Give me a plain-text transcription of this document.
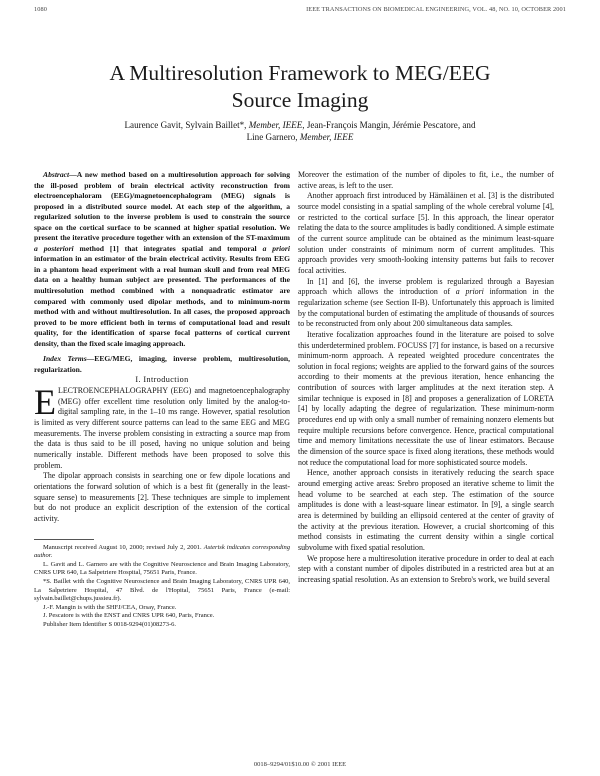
1080	IEEE TRANSACTIONS ON BIOMEDICAL ENGINEERING, VOL. 48, NO. 10, OCTOBER 2001
A Multiresolution Framework to MEG/EEG
Source Imaging
Laurence Gavit, Sylvain Baillet*, Member, IEEE, Jean-François Mangin, Jérémie Pescatore, and
Line Garnero, Member, IEEE

Abstract—A new method based on a multiresolution approach for solving the ill-posed problem of brain electrical activity reconstruction from electroencephaloram (EEG)/magnetoencephalogram (MEG) signals is proposed in a distributed source model. At each step of the algorithm, a regularized solution to the inverse problem is used to constrain the source space on the cortical surface to be scanned at higher spatial resolution. We present the iterative procedure together with an extension of the ST-maximum a posteriori method [1] that integrates spatial and temporal a priori information in an estimator of the brain electrical activity. Results from EEG in a phantom head experiment with a real human skull and from real MEG data on a healthy human subject are presented. The performances of the multiresolution method combined with a nonquadratic estimator are compared with commonly used dipolar methods, and to minimum-norm method with and without multiresolution. In all cases, the proposed approach proved to be more efficient both in terms of computational load and result quality, for the identification of sparse focal patterns of cortical current density, than the fixed scale imaging approach.

Index Terms—EEG/MEG, imaging, inverse problem, multiresolution, regularization.

I. Introduction

ELECTROENCEPHALOGRAPHY (EEG) and magnetoencephalography (MEG) offer excellent time resolution only limited by the analog-to-digital sampling rate, in the 1–10 ms range. However, spatial resolution is limited as very different source patterns can lead to the same EEG and MEG measurements. The inverse problem consisting in extracting a source map from the data is thus said to be ill posed, having no unique solution and being numerically instable. Different methods have been proposed to solve this problem.

The dipolar approach consists in searching one or few dipole locations and orientations the forward solution of which is a best fit (generally in the least-square sense) to measurements [2]. These techniques are simple to implement but do not produce an explicit description of the extension of the cortical activity.

Manuscript received August 10, 2000; revised July 2, 2001. Asterisk indicates corresponding author.

L. Gavit and L. Garnero are with the Cognitive Neuroscience and Brain Imaging Laboratory, CNRS UPR 640, La Salpetriere Hospital, 75651 Paris, France.

*S. Baillet with the Cognitive Neuroscience and Brain Imaging Laboratory, CNRS UPR 640, La Salpetriere Hospital, 47 Blvd. de l'Hopital, 75651 Paris, France (e-mail: sylvain.baillet@chups.jussieu.fr).

J.-F. Mangin is with the SHFJ/CEA, Orsay, France.

J. Pescatore is with the ENST and CNRS UPR 640, Paris, France.

Publisher Item Identifier S 0018-9294(01)08273-6.

Moreover the estimation of the number of dipoles to fit, i.e., the number of active areas, is left to the user.

Another approach first introduced by Hämäläinen et al. [3] is the distributed source model consisting in a spatial sampling of the whole cerebral volume [4], or restricted to the cortical surface [5]. In this approach, the linear operator relating the data to the source amplitudes is badly conditioned. A simple estimate of the current source amplitude can be obtained as the minimum least-square solution under constraints of minimum norm of current amplitudes. This approach provides very smooth-looking intensity patterns but fails to recover focal activities.

In [1] and [6], the inverse problem is regularized through a Bayesian approach which allows the introduction of a priori information in the regularization scheme (see Section II-B). Unfortunately this approach is limited by the computational burden of estimating the amplitude of thousands of sources to be reconstructed from only about 200 simultaneous data samples.

Iterative focalization approaches found in the literature are poised to solve this underdetermined problem. FOCUSS [7] for instance, is based on a recursive minimum-norm approach. A repeated weighted procedure concentrates the solution in focal regions; weights are applied to the forward gains of the sources according to their moments at the previous iteration, hence enhancing the contribution of sources with larger amplitudes at the next iteration step. A similar technique is exposed in [8] and proposes a generalization of LORETA [4] by locally adapting the degree of regularization. These minimum-norm procedures end up with only a small number of remaining nonzero elements but require multiple recursions before convergence. Hence, practical computational time and memory limitations necessitate the use of linear estimators. Because the dimension of the source space is fixed along iterations, these methods would not reduce the computational load for more sophisticated source models.

Hence, another approach consists in iteratively reducing the search space around emerging active areas: Srebro proposed an iterative scheme to limit the head volume to be searched at each step. The estimation of the source amplitudes is done with a least-square linear estimator. In [9], a single search area is determined by building an ellipsoid centered at the center of gravity of the activity at the previous iteration. However, a crucial shortcoming of this method consists in estimating the current density within a single cortical subvolume with fixed spatial resolution.

We propose here a multiresolution iterative procedure in order to deal at each step with a constant number of dipoles distributed in a restricted area but at an increasing spatial resolution. As an extension to Srebro's work, we build several

0018–9294/01$10.00 © 2001 IEEE
